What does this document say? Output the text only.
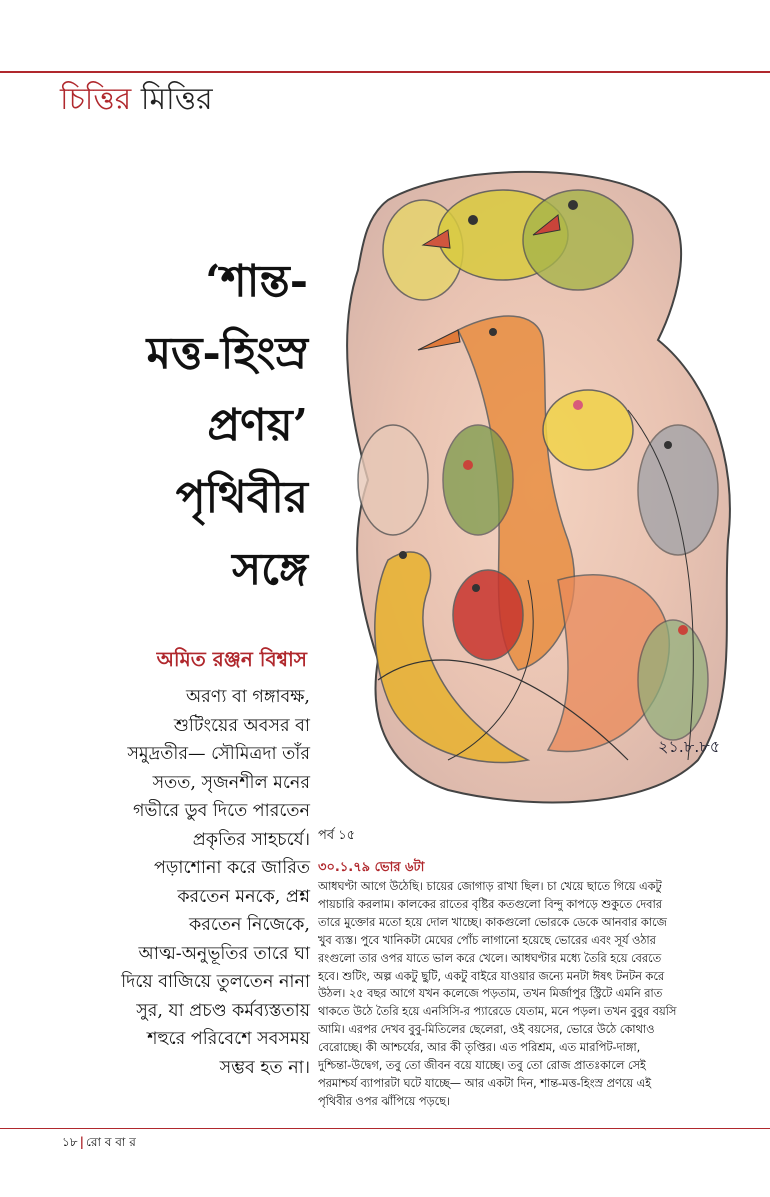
চিত্তির মিত্তির
‘শান্ত-
মত্ত-হিংস্র
প্রণয়’
পৃথিবীর
সঙ্গে
অমিত রঞ্জন বিশ্বাস
অরণ্য বা গঙ্গাবক্ষ,
শুটিংয়ের অবসর বা
সমুদ্রতীর— সৌমিত্রদা তাঁর
সতত, সৃজনশীল মনের
গভীরে ডুব দিতে পারতেন
প্রকৃতির সাহচর্যে।
পড়াশোনা করে জারিত
করতেন মনকে, প্রশ্ন
করতেন নিজেকে,
আত্ম-অনুভূতির তারে ঘা
দিয়ে বাজিয়ে তুলতেন নানা
সুর, যা প্রচণ্ড কর্মব্যস্ততায়
শহুরে পরিবেশে সবসময়
সম্ভব হত না।
২১.৮.৮৫
পর্ব ১৫
৩০.১.৭৯ ভোর ৬টা
আধঘণ্টা আগে উঠেছি। চায়ের জোগাড় রাখা ছিল। চা খেয়ে ছাতে গিয়ে একটু
পায়চারি করলাম। কালকের রাতের বৃষ্টির কতগুলো বিন্দু কাপড়ে শুকুতে দেবার
তারে মুক্তোর মতো হয়ে দোল খাচ্ছে। কাকগুলো ভোরকে ডেকে আনবার কাজে
খুব ব্যস্ত। পুবে খানিকটা মেঘের পোঁচ লাগানো হয়েছে ভোরের এবং সূর্য ওঠার
রংগুলো তার ওপর যাতে ভাল করে খেলে। আধঘণ্টার মধ্যে তৈরি হয়ে বেরতে
হবে। শুটিং, অল্প একটু ছুটি, একটু বাইরে যাওয়ার জন্যে মনটা ঈষৎ টনটন করে
উঠল। ২৫ বছর আগে যখন কলেজে পড়তাম, তখন মির্জাপুর স্ট্রিটে এমনি রাত
থাকতে উঠে তৈরি হয়ে এনসিসি-র প্যারেডে যেতাম, মনে পড়ল। তখন বুবুর বয়সি
আমি। এরপর দেখব বুবু-মিতিলের ছেলেরা, ওই বয়সের, ভোরে উঠে কোথাও
বেরোচ্ছে। কী আশ্চর্যের, আর কী তৃপ্তির। এত পরিশ্রম, এত মারপিট-দাঙ্গা,
দুশ্চিন্তা-উদ্বেগ, তবু তো জীবন বয়ে যাচ্ছে। তবু তো রোজ প্রাতঃকালে সেই
পরমাশ্চর্য ব্যাপারটা ঘটে যাচ্ছে— আর একটা দিন, শান্ত-মত্ত-হিংস্র প্রণয়ে এই
পৃথিবীর ওপর ঝাঁপিয়ে পড়ছে।
১৮ | রো ব বা র
